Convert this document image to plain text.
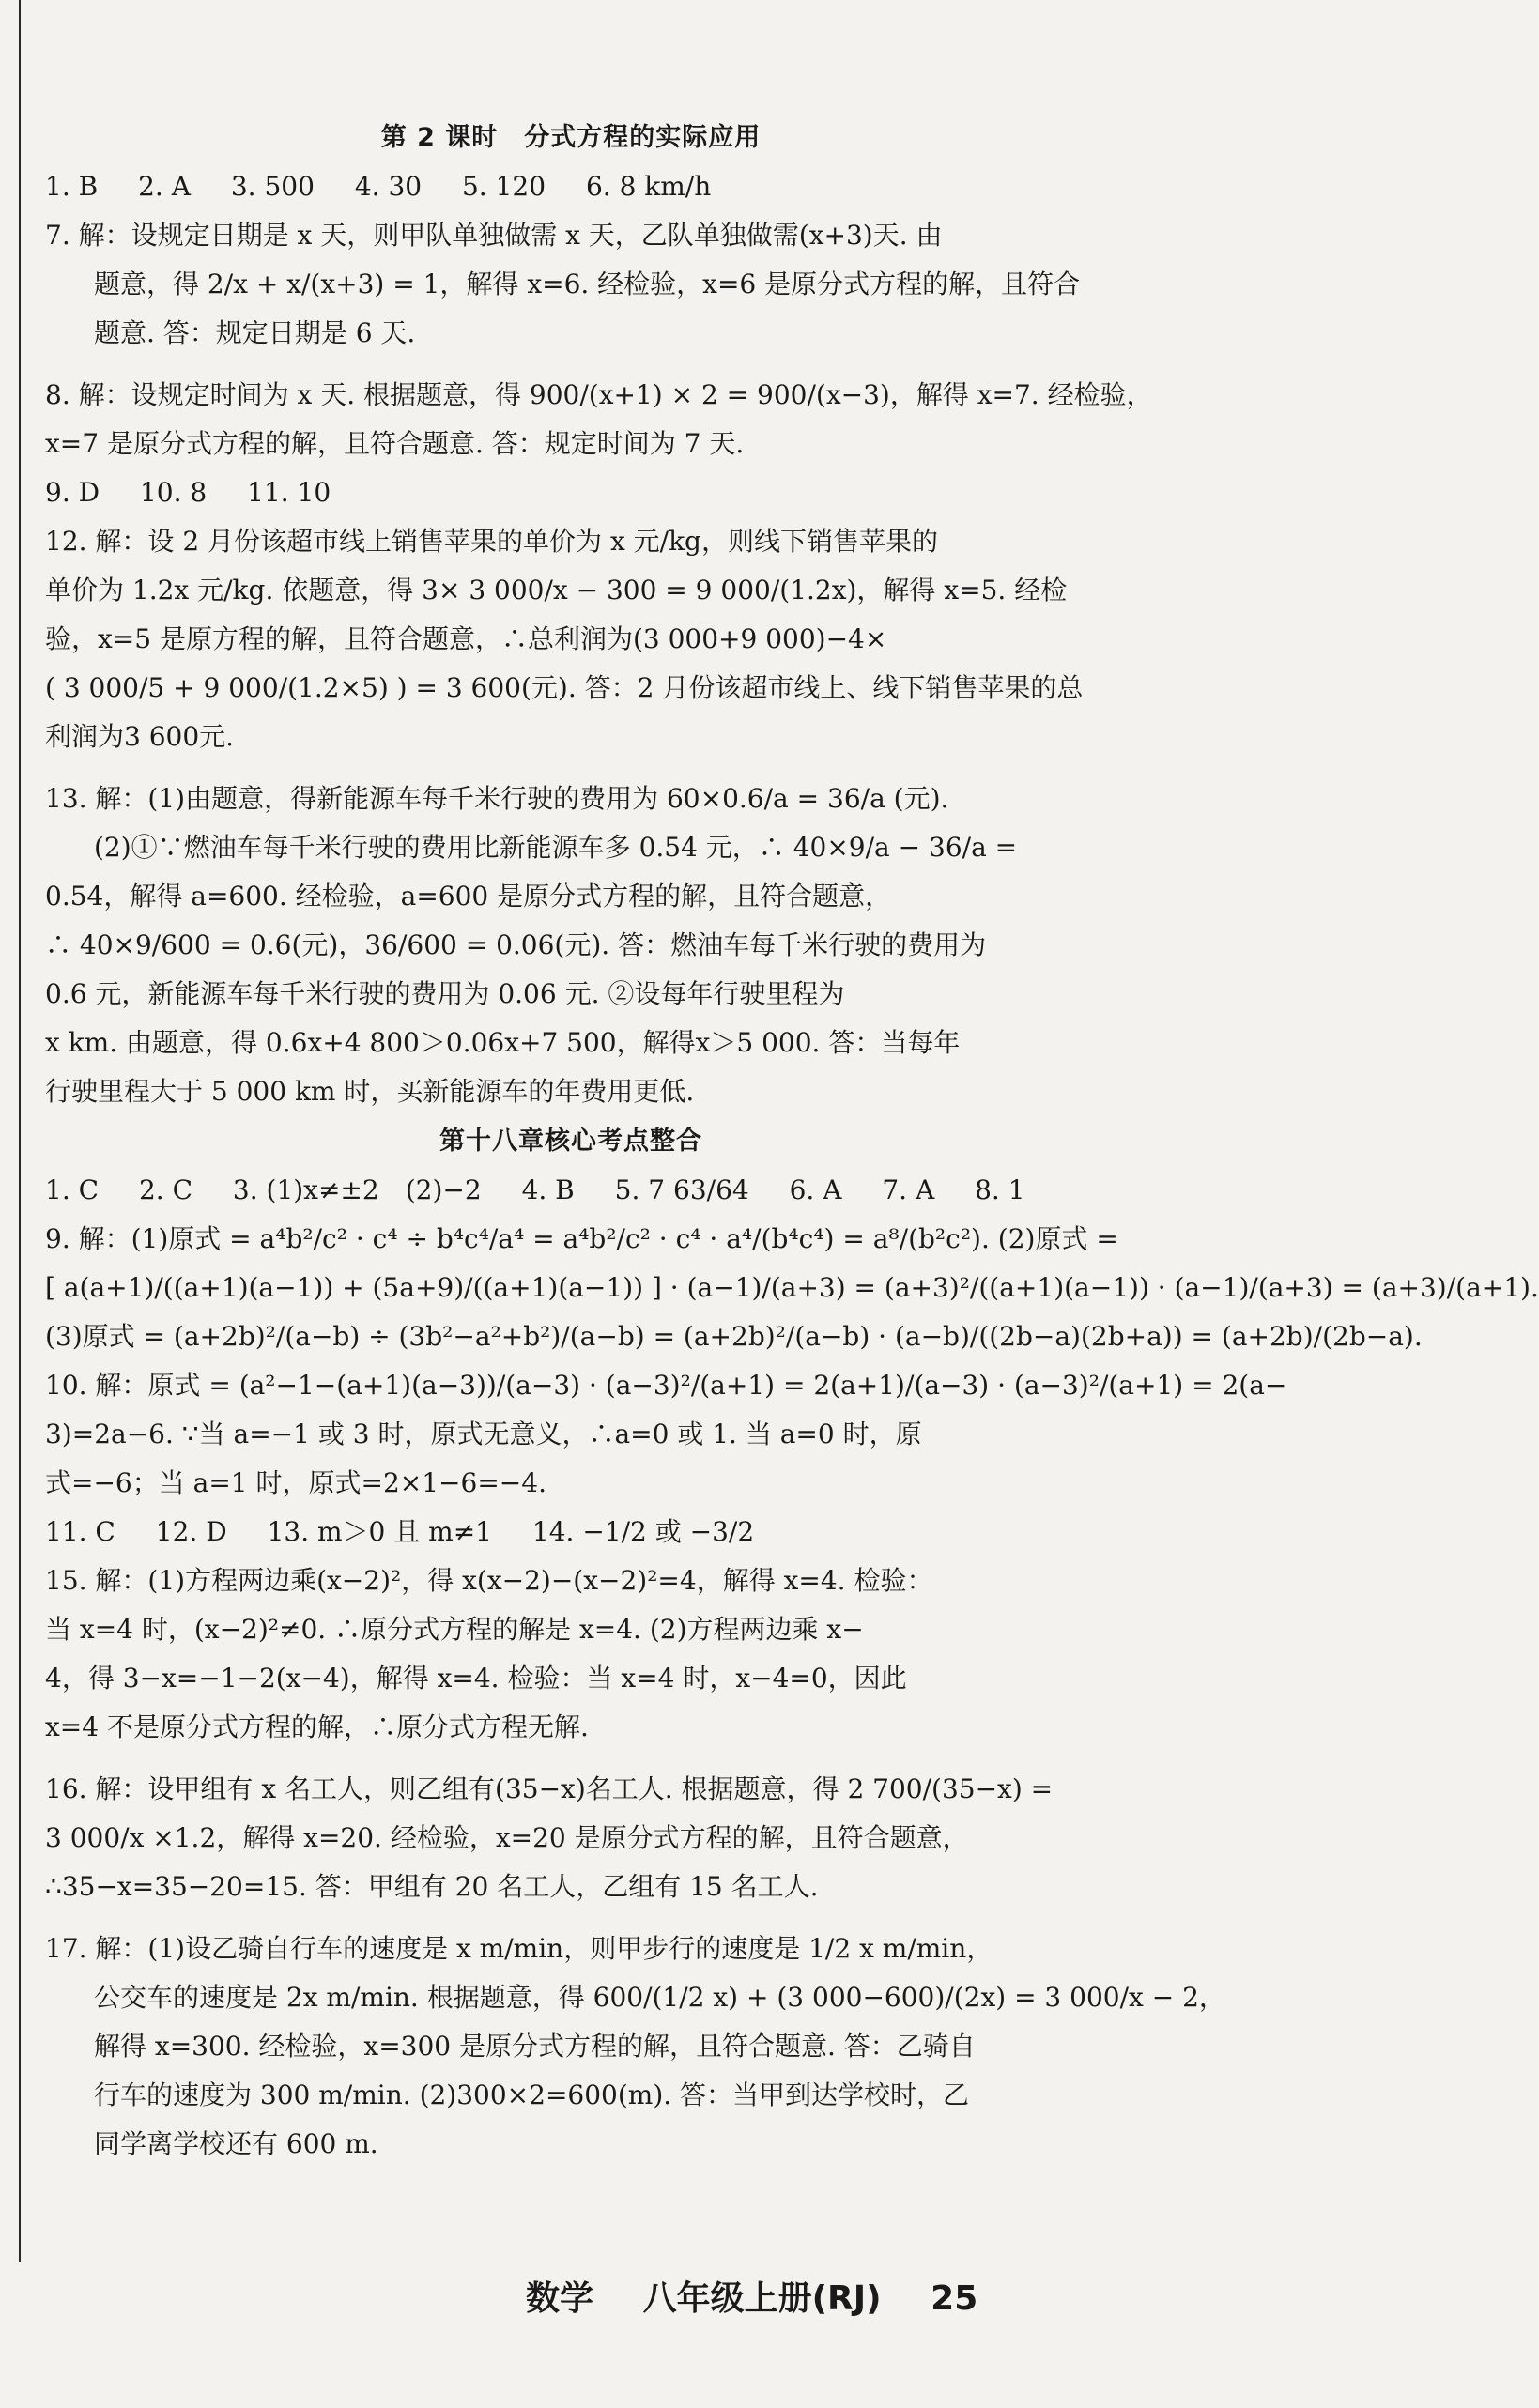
第 2 课时　分式方程的实际应用
1. B 2. A 3. 500 4. 30 5. 120 6. 8 km/h
7. 解：设规定日期是 x 天，则甲队单独做需 x 天，乙队单独做需(x+3)天. 由
题意，得 2/x + x/(x+3) = 1，解得 x=6. 经检验，x=6 是原分式方程的解，且符合
题意. 答：规定日期是 6 天.
8. 解：设规定时间为 x 天. 根据题意，得 900/(x+1) × 2 = 900/(x−3)，解得 x=7. 经检验，
x=7 是原分式方程的解，且符合题意. 答：规定时间为 7 天.
9. D 10. 8 11. 10
12. 解：设 2 月份该超市线上销售苹果的单价为 x 元/kg，则线下销售苹果的
单价为 1.2x 元/kg. 依题意，得 3× 3 000/x − 300 = 9 000/(1.2x)，解得 x=5. 经检
验，x=5 是原方程的解，且符合题意，∴总利润为(3 000+9 000)−4×
( 3 000/5 + 9 000/(1.2×5) ) = 3 600(元). 答：2 月份该超市线上、线下销售苹果的总
利润为3 600元.
13. 解：(1)由题意，得新能源车每千米行驶的费用为 60×0.6/a = 36/a (元).
(2)①∵燃油车每千米行驶的费用比新能源车多 0.54 元，∴ 40×9/a − 36/a =
0.54，解得 a=600. 经检验，a=600 是原分式方程的解，且符合题意，
∴ 40×9/600 = 0.6(元)，36/600 = 0.06(元). 答：燃油车每千米行驶的费用为
0.6 元，新能源车每千米行驶的费用为 0.06 元. ②设每年行驶里程为
x km. 由题意，得 0.6x+4 800＞0.06x+7 500，解得x＞5 000. 答：当每年
行驶里程大于 5 000 km 时，买新能源车的年费用更低.
第十八章核心考点整合
1. C 2. C 3. (1)x≠±2　(2)−2 4. B 5. 7 63/64 6. A 7. A 8. 1
9. 解：(1)原式 = a⁴b²/c² · c⁴ ÷ b⁴c⁴/a⁴ = a⁴b²/c² · c⁴ · a⁴/(b⁴c⁴) = a⁸/(b²c²). (2)原式 =
[ a(a+1)/((a+1)(a−1)) + (5a+9)/((a+1)(a−1)) ] · (a−1)/(a+3) = (a+3)²/((a+1)(a−1)) · (a−1)/(a+3) = (a+3)/(a+1).
(3)原式 = (a+2b)²/(a−b) ÷ (3b²−a²+b²)/(a−b) = (a+2b)²/(a−b) · (a−b)/((2b−a)(2b+a)) = (a+2b)/(2b−a).
10. 解：原式 = (a²−1−(a+1)(a−3))/(a−3) · (a−3)²/(a+1) = 2(a+1)/(a−3) · (a−3)²/(a+1) = 2(a−
3)=2a−6. ∵当 a=−1 或 3 时，原式无意义，∴a=0 或 1. 当 a=0 时，原
式=−6；当 a=1 时，原式=2×1−6=−4.
11. C 12. D 13. m＞0 且 m≠1 14. −1/2 或 −3/2
15. 解：(1)方程两边乘(x−2)²，得 x(x−2)−(x−2)²=4，解得 x=4. 检验：
当 x=4 时，(x−2)²≠0. ∴原分式方程的解是 x=4. (2)方程两边乘 x−
4，得 3−x=−1−2(x−4)，解得 x=4. 检验：当 x=4 时，x−4=0，因此
x=4 不是原分式方程的解，∴原分式方程无解.
16. 解：设甲组有 x 名工人，则乙组有(35−x)名工人. 根据题意，得 2 700/(35−x) =
3 000/x ×1.2，解得 x=20. 经检验，x=20 是原分式方程的解，且符合题意，
∴35−x=35−20=15. 答：甲组有 20 名工人，乙组有 15 名工人.
17. 解：(1)设乙骑自行车的速度是 x m/min，则甲步行的速度是 1/2 x m/min，
公交车的速度是 2x m/min. 根据题意，得 600/(1/2 x) + (3 000−600)/(2x) = 3 000/x − 2，
解得 x=300. 经检验，x=300 是原分式方程的解，且符合题意. 答：乙骑自
行车的速度为 300 m/min. (2)300×2=600(m). 答：当甲到达学校时，乙
同学离学校还有 600 m.
数学 八年级上册(RJ) 25
